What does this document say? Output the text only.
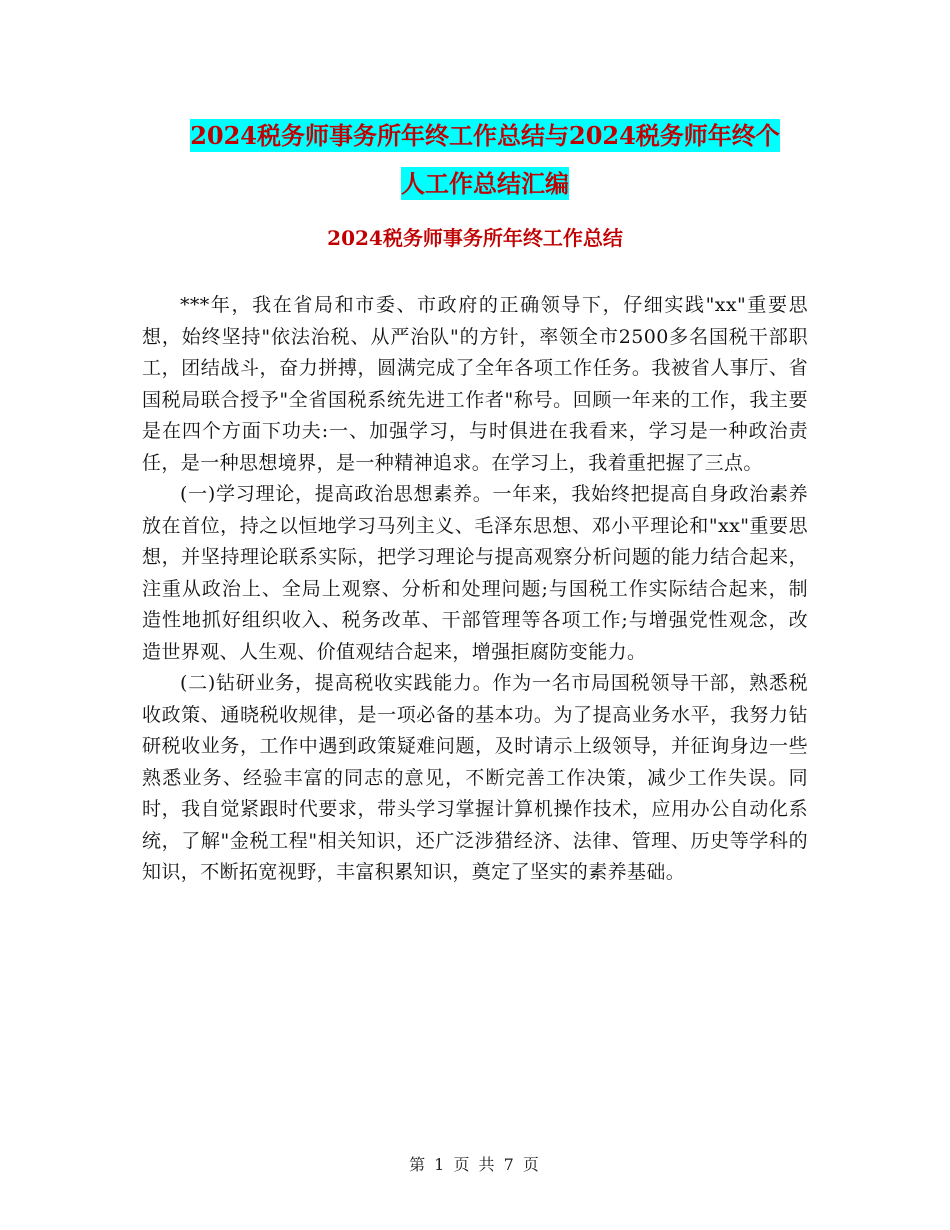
2024税务师事务所年终工作总结与2024税务师年终个
人工作总结汇编
2024税务师事务所年终工作总结

***年，我在省局和市委、市政府的正确领导下，仔细实践"xx"重要思想，始终坚持"依法治税、从严治队"的方针，率领全市2500多名国税干部职工，团结战斗，奋力拼搏，圆满完成了全年各项工作任务。我被省人事厅、省国税局联合授予"全省国税系统先进工作者"称号。回顾一年来的工作，我主要是在四个方面下功夫:一、加强学习，与时俱进在我看来，学习是一种政治责任，是一种思想境界，是一种精神追求。在学习上，我着重把握了三点。

(一)学习理论，提高政治思想素养。一年来，我始终把提高自身政治素养放在首位，持之以恒地学习马列主义、毛泽东思想、邓小平理论和"xx"重要思想，并坚持理论联系实际，把学习理论与提高观察分析问题的能力结合起来，注重从政治上、全局上观察、分析和处理问题;与国税工作实际结合起来，制造性地抓好组织收入、税务改革、干部管理等各项工作;与增强党性观念，改造世界观、人生观、价值观结合起来，增强拒腐防变能力。

(二)钻研业务，提高税收实践能力。作为一名市局国税领导干部，熟悉税收政策、通晓税收规律，是一项必备的基本功。为了提高业务水平，我努力钻研税收业务，工作中遇到政策疑难问题，及时请示上级领导，并征询身边一些熟悉业务、经验丰富的同志的意见，不断完善工作决策，减少工作失误。同时，我自觉紧跟时代要求，带头学习掌握计算机操作技术，应用办公自动化系统，了解"金税工程"相关知识，还广泛涉猎经济、法律、管理、历史等学科的知识，不断拓宽视野，丰富积累知识，奠定了坚实的素养基础。

第 1 页 共 7 页
